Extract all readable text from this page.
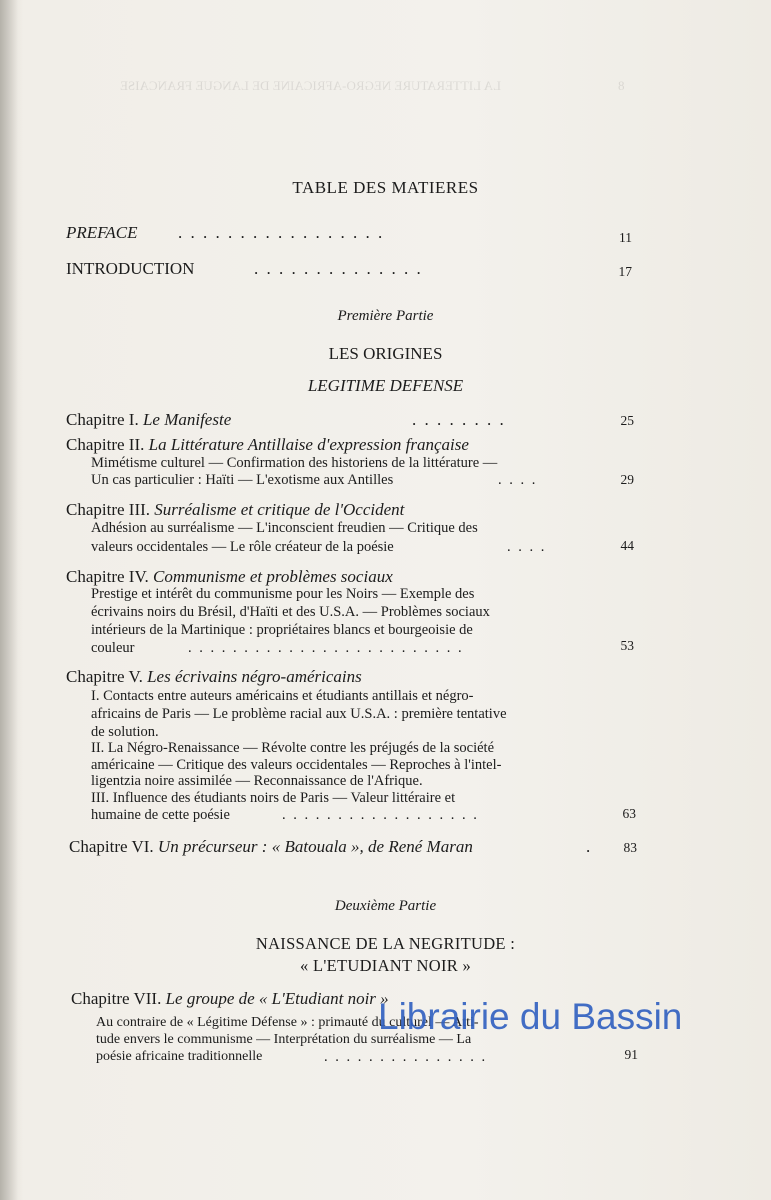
LA LITTERATURE NEGRO-AFRICAINE DE LANGUE FRANCAISE	8
TABLE DES MATIERES
PREFACE . . . . . . . . . . . . . . . . .	11
INTRODUCTION	. . . . . . . . . . . . . .	17
Première Partie
LES ORIGINES
LEGITIME DEFENSE
Chapitre I. Le Manifeste	. . . . . . . .	25
Chapitre II. La Littérature Antillaise d'expression française
Mimétisme culturel — Confirmation des historiens de la littérature —
Un cas particulier : Haïti — L'exotisme aux Antilles	. . . .	29
Chapitre III. Surréalisme et critique de l'Occident
Adhésion au surréalisme — L'inconscient freudien — Critique des
valeurs occidentales — Le rôle créateur de la poésie	. . . .	44
Chapitre IV. Communisme et problèmes sociaux
Prestige et intérêt du communisme pour les Noirs — Exemple des
écrivains noirs du Brésil, d'Haïti et des U.S.A. — Problèmes sociaux
intérieurs de la Martinique : propriétaires blancs et bourgeoisie de
couleur	. . . . . . . . . . . . . . . . . . . . . . . . .	53
Chapitre V. Les écrivains négro-américains
I. Contacts entre auteurs américains et étudiants antillais et négro-
africains de Paris — Le problème racial aux U.S.A. : première tentative
de solution.
II. La Négro-Renaissance — Révolte contre les préjugés de la société
américaine — Critique des valeurs occidentales — Reproches à l'intel-
ligentzia noire assimilée — Reconnaissance de l'Afrique.
III. Influence des étudiants noirs de Paris — Valeur littéraire et
humaine de cette poésie	. . . . . . . . . . . . . . . . . .	63
Chapitre VI. Un précurseur : « Batouala », de René Maran	.	83
Deuxième Partie
NAISSANCE DE LA NEGRITUDE :
« L'ETUDIANT NOIR »
Chapitre VII. Le groupe de « L'Etudiant noir »
Au contraire de « Légitime Défense » : primauté du culturel — Atti-
tude envers le communisme — Interprétation du surréalisme — La
poésie africaine traditionnelle	. . . . . . . . . . . . . . .	91
Librairie du Bassin
